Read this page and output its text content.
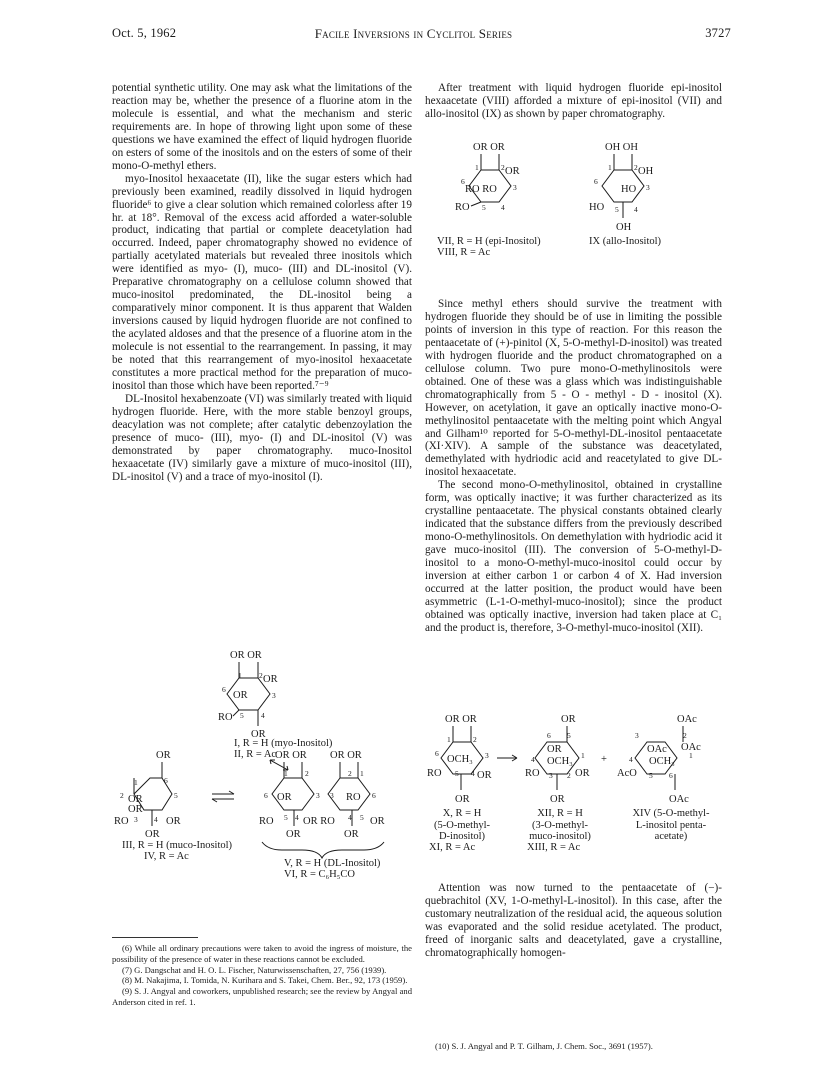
Oct. 5, 1962	Facile Inversions in Cyclitol Series	3727

potential synthetic utility. One may ask what the limitations of the reaction may be, whether the presence of a fluorine atom in the molecule is essential, and what the mechanism and steric requirements are. In hope of throwing light upon some of these questions we have examined the effect of liquid hydrogen fluoride on esters of some of the inositols and on the esters of some of their mono-O-methyl ethers.

myo-Inositol hexaacetate (II), like the sugar esters which had previously been examined, readily dissolved in liquid hydrogen fluoride⁶ to give a clear solution which remained colorless after 19 hr. at 18°. Removal of the excess acid afforded a water-soluble product, indicating that partial or complete deacetylation had occurred. Indeed, paper chromatography showed no evidence of partially acetylated materials but revealed three inositols which were identified as myo- (I), muco- (III) and DL-inositol (V). Preparative chromatography on a cellulose column showed that muco-inositol predominated, the DL-inositol being a comparatively minor component. It is thus apparent that Walden inversions caused by liquid hydrogen fluoride are not confined to the acylated aldoses and that the presence of a fluorine atom in the molecule is not essential to the rearrangement. In passing, it may be noted that this rearrangement of myo-inositol hexaacetate constitutes a more practical method for the preparation of muco-inositol than those which have been reported.⁷⁻⁹

DL-Inositol hexabenzoate (VI) was similarly treated with liquid hydrogen fluoride. Here, with the more stable benzoyl groups, deacylation was not complete; after catalytic debenzoylation the presence of muco- (III), myo- (I) and DL-inositol (V) was demonstrated by paper chromatography. muco-Inositol hexaacetate (IV) similarly gave a mixture of muco-inositol (III), DL-inositol (V) and a trace of myo-inositol (I).

OR OR
1 2 OR
6
OR	3
RO 5 4
OR
OR
1	6
2 OR
OR
5
RO 3 4 OR
OR
OR OR OR OR
1 2	2 1
6 OR	3 3 RO 6
RO 5 4 OR RO 4 5 OR
OR	OR
I, R = H (myo-Inositol)
II, R = Ac
III, R = H (muco-Inositol)
IV, R = Ac
V, R = H (DL-Inositol)
VI, R = C₆H₅CO

(6) While all ordinary precautions were taken to avoid the ingress of moisture, the possibility of the presence of water in these reactions cannot be excluded.

(7) G. Dangschat and H. O. L. Fischer, Naturwissenschaften, 27, 756 (1939).

(8) M. Nakajima, I. Tomida, N. Kurihara and S. Takei, Chem. Ber., 92, 173 (1959).

(9) S. J. Angyal and coworkers, unpublished research; see the review by Angyal and Anderson cited in ref. 1.

After treatment with liquid hydrogen fluoride epi-inositol hexaacetate (VIII) afforded a mixture of epi-inositol (VII) and allo-inositol (IX) as shown by paper chromatography.

OR OR
1	2 OR
6
RO RO 3
RO 5 4
OH OH
1	2 OH
6
HO 3
HO 5 4
OH
VII, R = H (epi-Inositol)
VIII, R = Ac
IX (allo-Inositol)

Since methyl ethers should survive the treatment with hydrogen fluoride they should be of use in limiting the possible points of inversion in this type of reaction. For this reason the pentaacetate of (+)-pinitol (X, 5-O-methyl-D-inositol) was treated with hydrogen fluoride and the product chromatographed on a cellulose column. Two pure mono-O-methylinositols were obtained. One of these was a glass which was indistinguishable chromatographically from 5 - O - methyl - D - inositol (X). However, on acetylation, it gave an optically inactive mono-O-methylinositol pentaacetate with the melting point which Angyal and Gilham¹⁰ reported for 5-O-methyl-DL-inositol pentaacetate (XI·XIV). A sample of the substance was deacetylated, demethylated with hydriodic acid and reacetylated to give DL-inositol hexaacetate.

The second mono-O-methylinositol, obtained in crystalline form, was optically inactive; it was further characterized as its crystalline pentaacetate. The physical constants obtained clearly indicated that the substance differs from the previously described mono-O-methylinositols. On demethylation with hydriodic acid it gave muco-inositol (III). The conversion of 5-O-methyl-D-inositol to a mono-O-methyl-muco-inositol could occur by inversion at either carbon 1 or carbon 4 of X. Had inversion occurred at the latter position, the product would have been asymmetric (L-1-O-methyl-muco-inositol); since the product obtained was optically inactive, inversion had taken place at C₁ and the product is, therefore, 3-O-methyl-muco-inositol (XII).

OR OR
1	2
6
OCH₃ 3
RO 5 4 OR
OR
OR
6 5
OR
4 OCH₃
1
RO 3 2 OR
OR
+
OAc
3	2
OAc OAc
4 OCH₃
1
AcO 5 6
OAc
X, R = H
(5-O-methyl-
D-inositol)
XI, R = Ac
XII, R = H
(3-O-methyl-
muco-inositol)
XIII, R = Ac
XIV (5-O-methyl-
L-inositol penta-
acetate)

Attention was now turned to the pentaacetate of (−)-quebrachitol (XV, 1-O-methyl-L-inositol). In this case, after the customary neutralization of the residual acid, the aqueous solution was evaporated and the solid residue acetylated. The product, freed of inorganic salts and deacetylated, gave a crystalline, chromatographically homogen-

(10) S. J. Angyal and P. T. Gilham, J. Chem. Soc., 3691 (1957).
